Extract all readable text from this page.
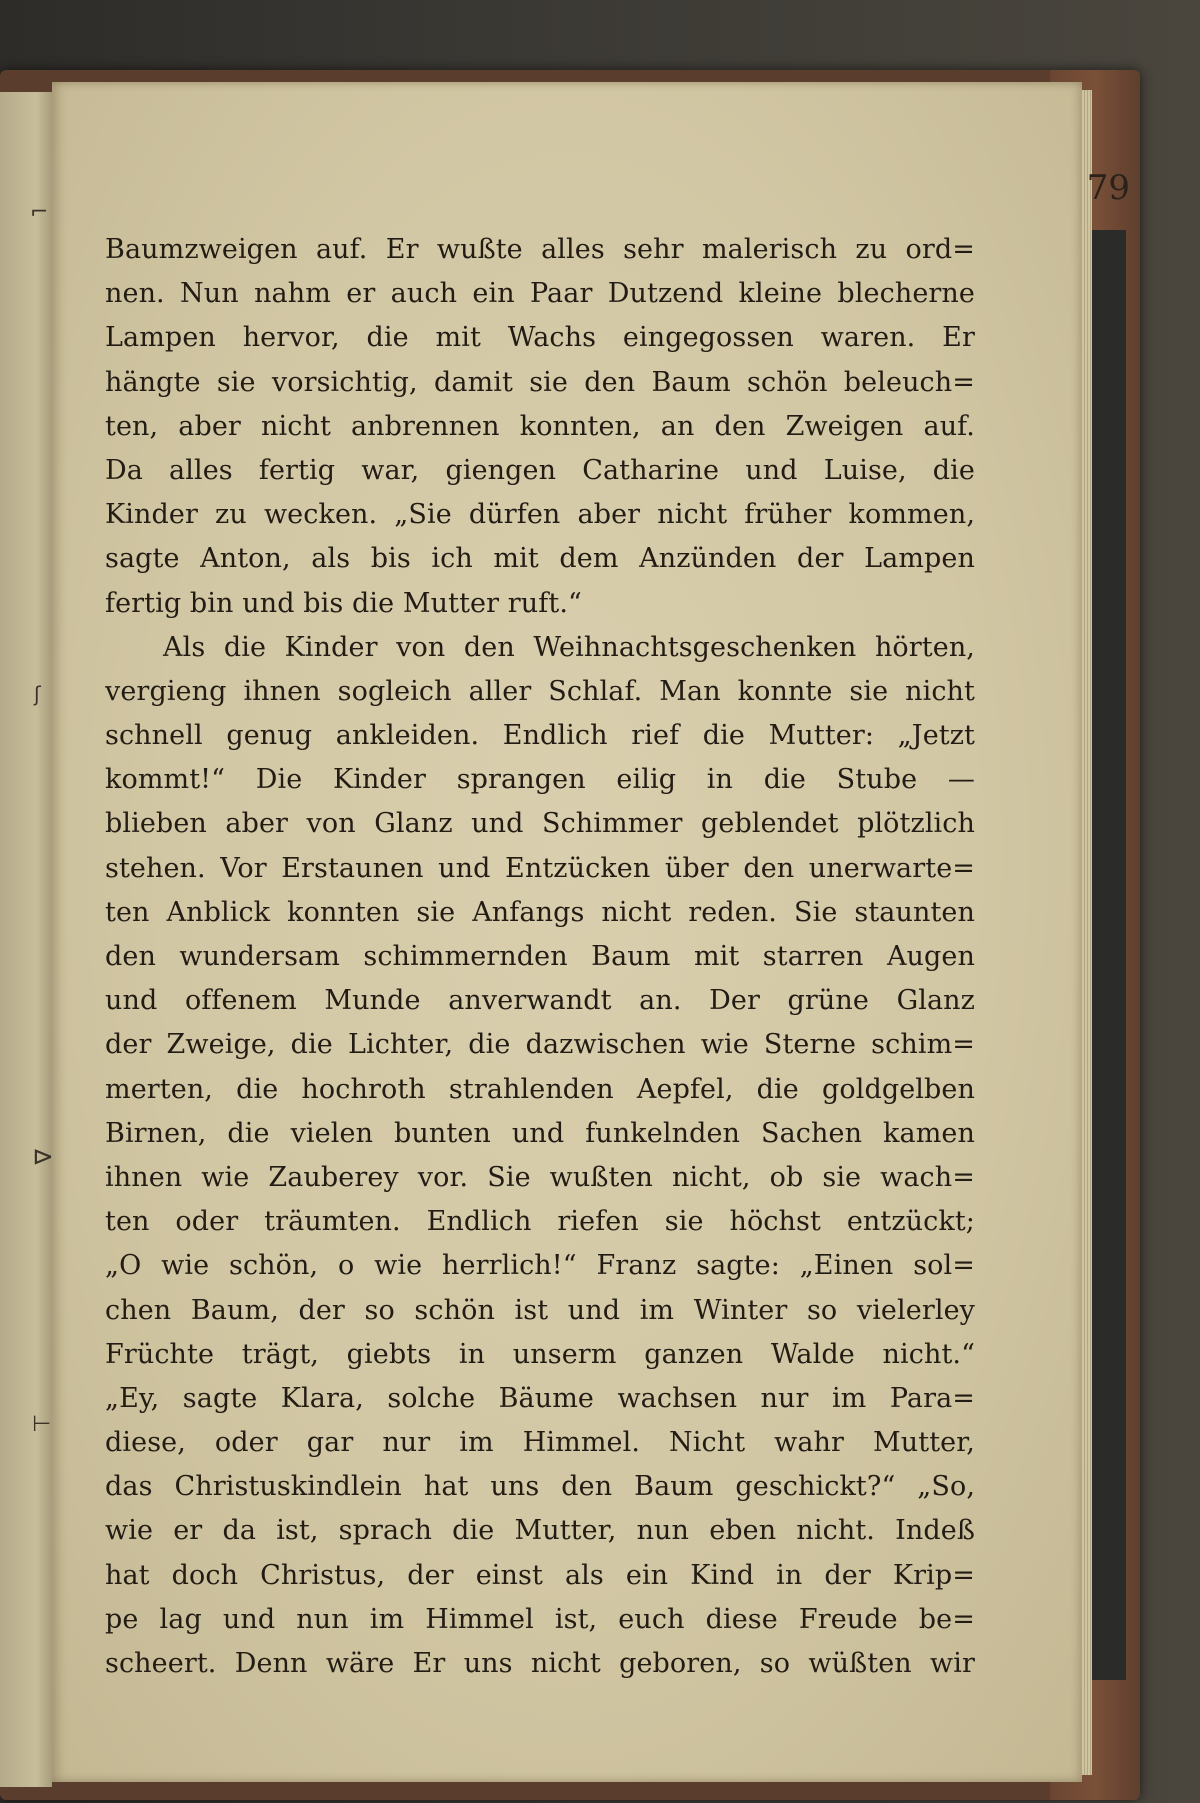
⌐
ʃ
⊳
⊢

79

Baumzweigen auf. Er wußte alles sehr malerisch zu ord=
nen. Nun nahm er auch ein Paar Dutzend kleine blecherne
Lampen hervor, die mit Wachs eingegossen waren. Er
hängte sie vorsichtig, damit sie den Baum schön beleuch=
ten, aber nicht anbrennen konnten, an den Zweigen auf.
Da alles fertig war, giengen Catharine und Luise, die
Kinder zu wecken. „Sie dürfen aber nicht früher kommen,
sagte Anton, als bis ich mit dem Anzünden der Lampen
fertig bin und bis die Mutter ruft.“
Als die Kinder von den Weihnachtsgeschenken hörten,
vergieng ihnen sogleich aller Schlaf. Man konnte sie nicht
schnell genug ankleiden. Endlich rief die Mutter: „Jetzt
kommt!“ Die Kinder sprangen eilig in die Stube —
blieben aber von Glanz und Schimmer geblendet plötzlich
stehen. Vor Erstaunen und Entzücken über den unerwarte=
ten Anblick konnten sie Anfangs nicht reden. Sie staunten
den wundersam schimmernden Baum mit starren Augen
und offenem Munde anverwandt an. Der grüne Glanz
der Zweige, die Lichter, die dazwischen wie Sterne schim=
merten, die hochroth strahlenden Aepfel, die goldgelben
Birnen, die vielen bunten und funkelnden Sachen kamen
ihnen wie Zauberey vor. Sie wußten nicht, ob sie wach=
ten oder träumten. Endlich riefen sie höchst entzückt;
„O wie schön, o wie herrlich!“ Franz sagte: „Einen sol=
chen Baum, der so schön ist und im Winter so vielerley
Früchte trägt, giebts in unserm ganzen Walde nicht.“
„Ey, sagte Klara, solche Bäume wachsen nur im Para=
diese, oder gar nur im Himmel. Nicht wahr Mutter,
das Christuskindlein hat uns den Baum geschickt?“ „So,
wie er da ist, sprach die Mutter, nun eben nicht. Indeß
hat doch Christus, der einst als ein Kind in der Krip=
pe lag und nun im Himmel ist, euch diese Freude be=
scheert. Denn wäre Er uns nicht geboren, so wüßten wir
